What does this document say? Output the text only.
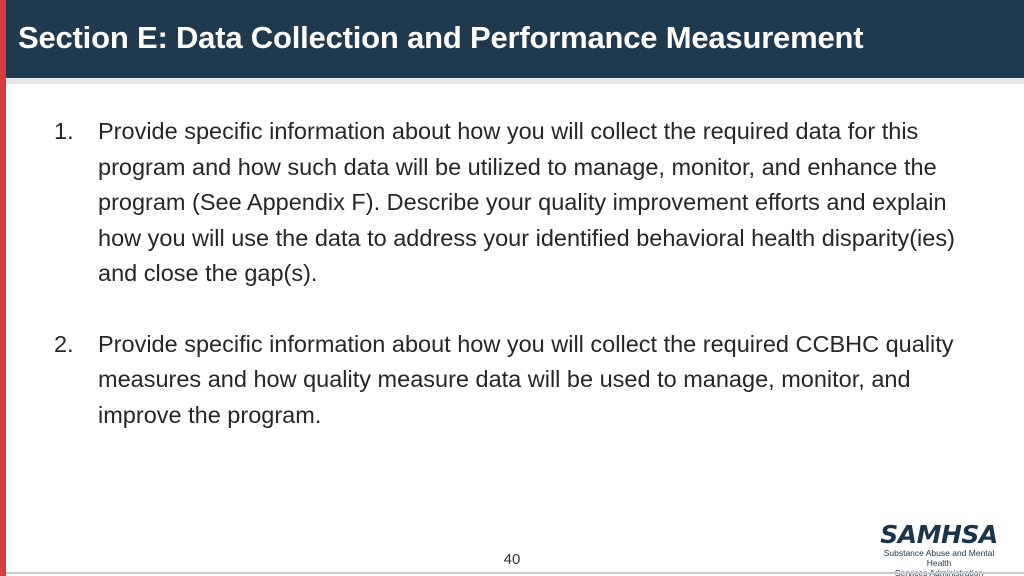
Section E: Data Collection and Performance Measurement
1.	Provide specific information about how you will collect the required data for this program and how such data will be utilized to manage, monitor, and enhance the program (See Appendix F). Describe your quality improvement efforts and explain how you will use the data to address your identified behavioral health disparity(ies) and close the gap(s).
2.	Provide specific information about how you will collect the required CCBHC quality measures and how quality measure data will be used to manage, monitor, and improve the program.
40
SAMHSA
Substance Abuse and Mental Health
